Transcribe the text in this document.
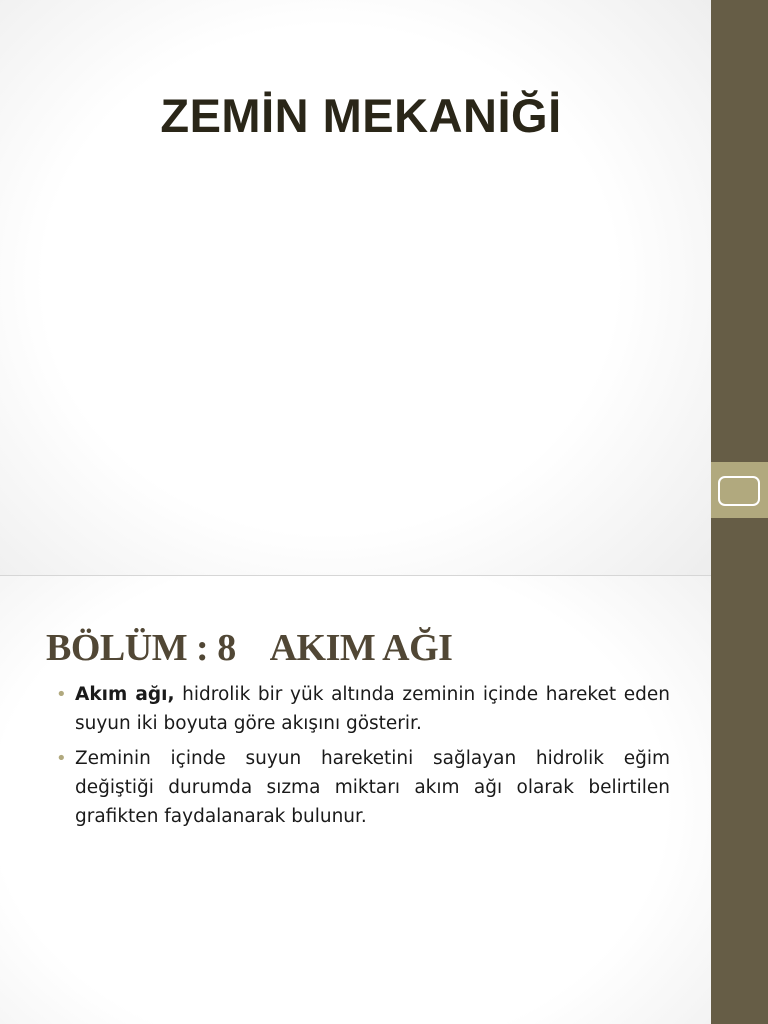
ZEMİN MEKANİĞİ
BÖLÜM : 8    AKIM AĞI
• Akım ağı, hidrolik bir yük altında zeminin içinde hareket eden suyun iki boyuta göre akışını gösterir.
• Zeminin içinde suyun hareketini sağlayan hidrolik eğim değiştiği durumda sızma miktarı akım ağı olarak belirtilen grafikten faydalanarak bulunur.
